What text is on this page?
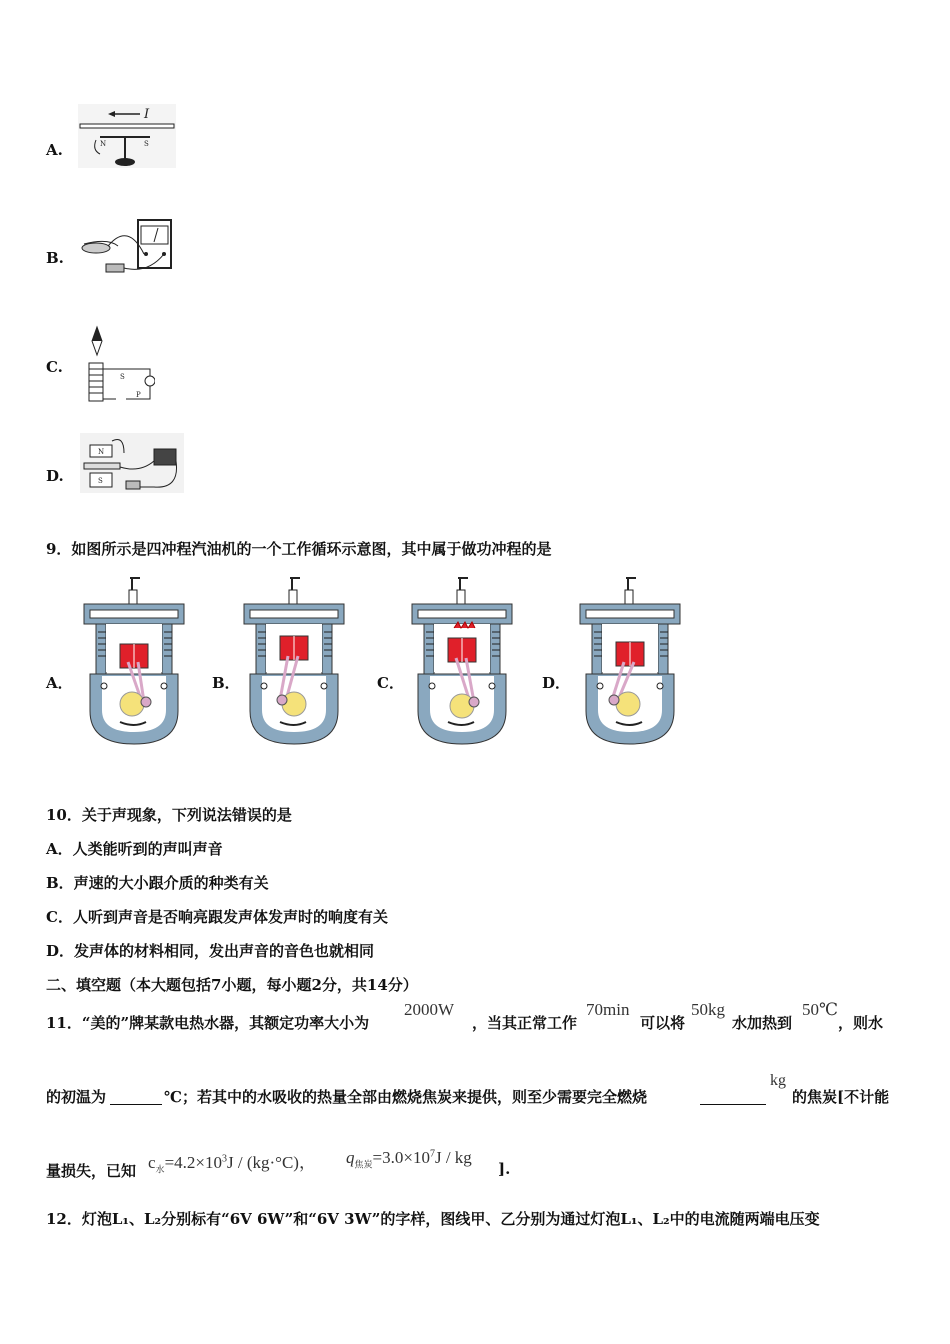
A.
I
N	S
B.
C.
S
P
D.
N
S
9．如图所示是四冲程汽油机的一个工作循环示意图，其中属于做功冲程的是
A．	B．	C．	D．
10．关于声现象，下列说法错误的是
A．人类能听到的声叫声音
B．声速的大小跟介质的种类有关
C．人听到声音是否响亮跟发声体发声时的响度有关
D．发声体的材料相同，发出声音的音色也就相同
二、填空题（本大题包括7小题，每小题2分，共14分）
11．“美的”牌某款电热水器，其额定功率大小为
2000W
，当其正常工作
70min
可以将
50kg
水加热到
50℃
，则水
的初温为	℃；若其中的水吸收的热量全部由燃烧焦炭来提供，则至少需要完全燃烧
kg
的焦炭[不计能
量损失，已知 $c_水=4.2\times 10^3J / (kg\cdot^\circ C)$， $q_{焦炭}=3.0\times 10^7J$ / kg
].
12．灯泡L₁、L₂分别标有“6V 6W”和“6V 3W”的字样，图线甲、乙分别为通过灯泡L₁、L₂中的电流随两端电压变
